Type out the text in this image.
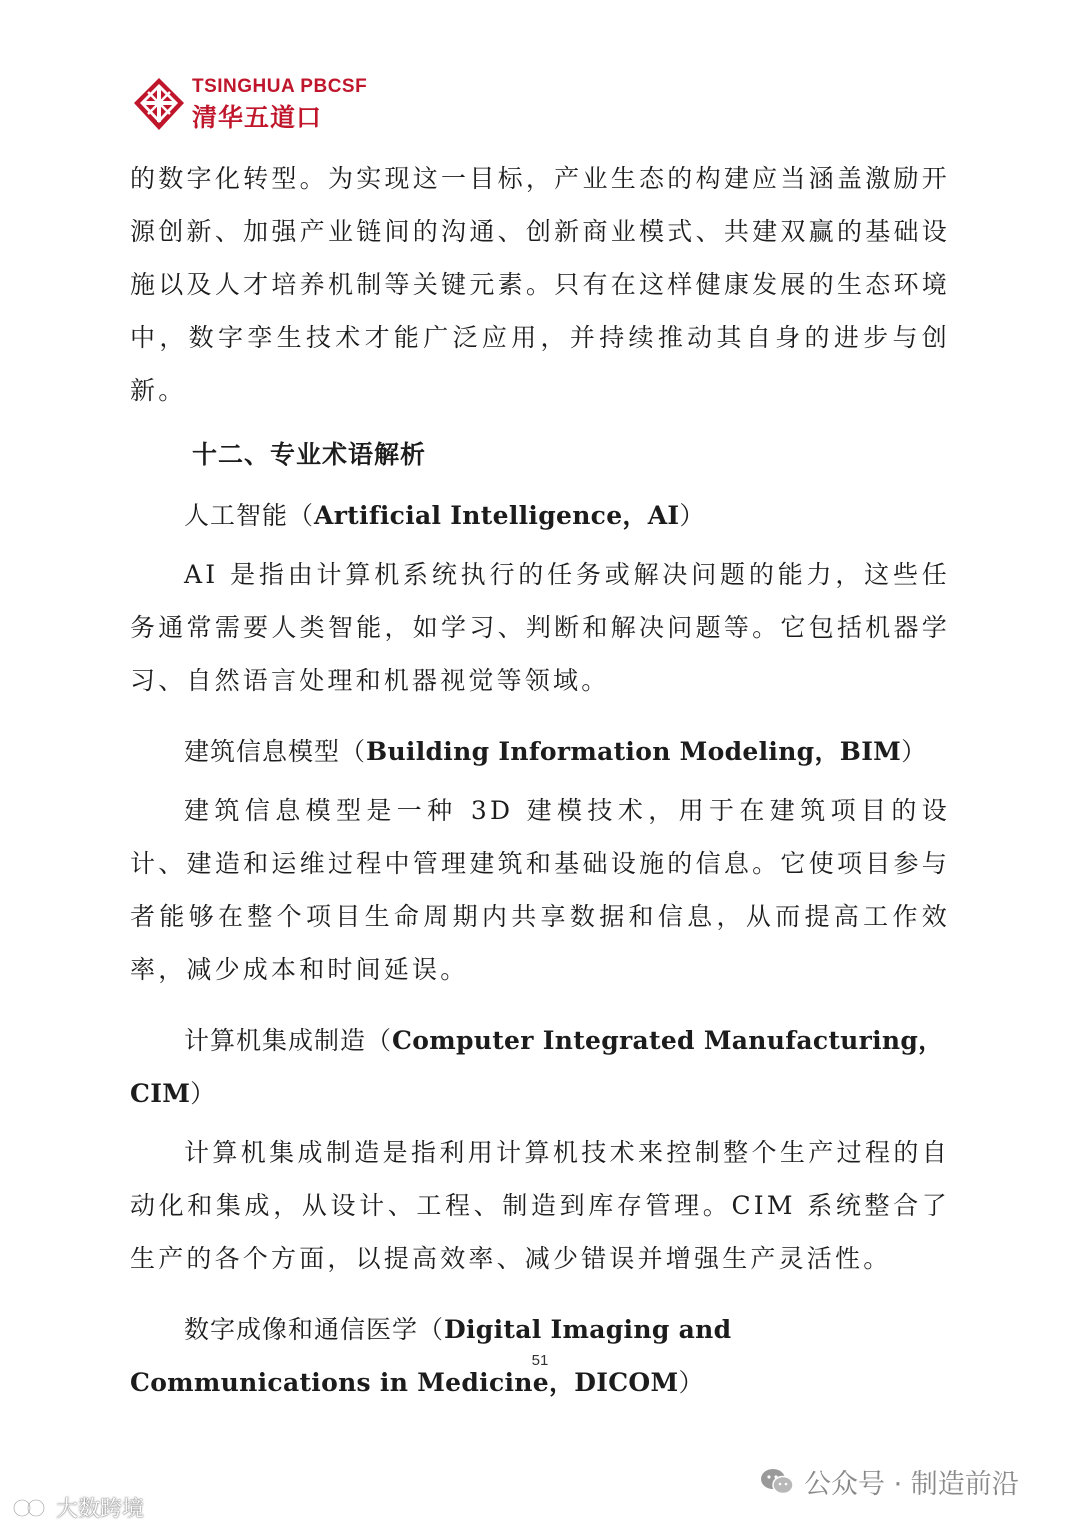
TSINGHUA PBCSF
清华五道口

的数字化转型。为实现这一目标，产业生态的构建应当涵盖激励开源创新、加强产业链间的沟通、创新商业模式、共建双赢的基础设施以及人才培养机制等关键元素。只有在这样健康发展的生态环境中，数字孪生技术才能广泛应用，并持续推动其自身的进步与创新。

十二、专业术语解析
人工智能（Artificial Intelligence，AI）

AI 是指由计算机系统执行的任务或解决问题的能力，这些任务通常需要人类智能，如学习、判断和解决问题等。它包括机器学习、自然语言处理和机器视觉等领域。

建筑信息模型（Building Information Modeling，BIM）

建筑信息模型是一种 3D 建模技术，用于在建筑项目的设计、建造和运维过程中管理建筑和基础设施的信息。它使项目参与者能够在整个项目生命周期内共享数据和信息，从而提高工作效率，减少成本和时间延误。

计算机集成制造（Computer Integrated Manufacturing，CIM）

计算机集成制造是指利用计算机技术来控制整个生产过程的自动化和集成，从设计、工程、制造到库存管理。CIM 系统整合了生产的各个方面，以提高效率、减少错误并增强生产灵活性。

数字成像和通信医学（Digital Imaging and Communications in Medicine，DICOM）
51
公众号 · 制造前沿
大数跨境
